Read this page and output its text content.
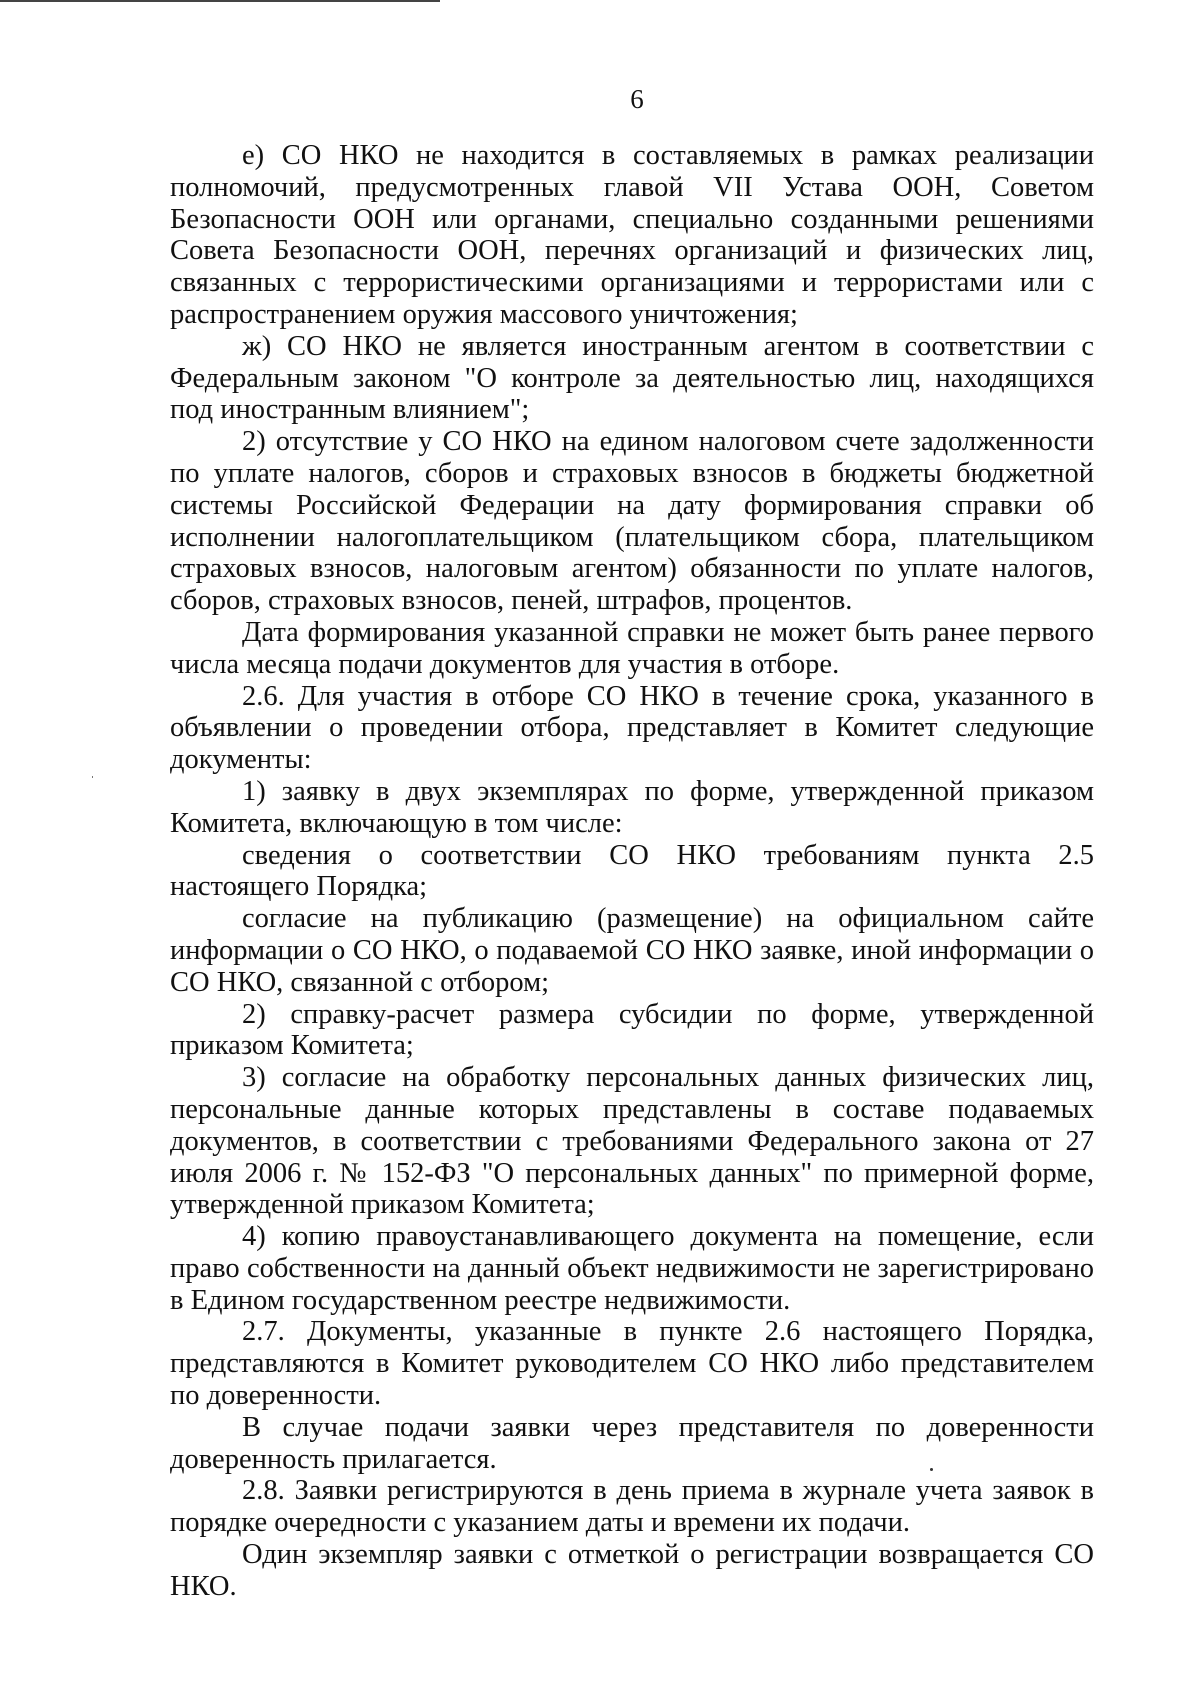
6

е) СО НКО не находится в составляемых в рамках реализации полномочий, предусмотренных главой VII Устава ООН, Советом Безопасности ООН или органами, специально созданными решениями Совета Безопасности ООН, перечнях организаций и физических лиц, связанных с террористическими организациями и террористами или с распространением оружия массового уничтожения;

ж) СО НКО не является иностранным агентом в соответствии с Федеральным законом "О контроле за деятельностью лиц, находящихся под иностранным влиянием";

2) отсутствие у СО НКО на едином налоговом счете задолженности по уплате налогов, сборов и страховых взносов в бюджеты бюджетной системы Российской Федерации на дату формирования справки об исполнении налогоплательщиком (плательщиком сбора, плательщиком страховых взносов, налоговым агентом) обязанности по уплате налогов, сборов, страховых взносов, пеней, штрафов, процентов.

Дата формирования указанной справки не может быть ранее первого числа месяца подачи документов для участия в отборе.

2.6. Для участия в отборе СО НКО в течение срока, указанного в объявлении о проведении отбора, представляет в Комитет следующие документы:

1) заявку в двух экземплярах по форме, утвержденной приказом Комитета, включающую в том числе:

сведения о соответствии СО НКО требованиям пункта 2.5 настоящего Порядка;

согласие на публикацию (размещение) на официальном сайте информации о СО НКО, о подаваемой СО НКО заявке, иной информации о СО НКО, связанной с отбором;

2) справку-расчет размера субсидии по форме, утвержденной приказом Комитета;

3) согласие на обработку персональных данных физических лиц, персональные данные которых представлены в составе подаваемых документов, в соответствии с требованиями Федерального закона от 27 июля 2006 г. № 152-ФЗ "О персональных данных" по примерной форме, утвержденной приказом Комитета;

4) копию правоустанавливающего документа на помещение, если право собственности на данный объект недвижимости не зарегистрировано в Едином государственном реестре недвижимости.

2.7. Документы, указанные в пункте 2.6 настоящего Порядка, представляются в Комитет руководителем СО НКО либо представителем по доверенности.

В случае подачи заявки через представителя по доверенности доверенность прилагается.

2.8. Заявки регистрируются в день приема в журнале учета заявок в порядке очередности с указанием даты и времени их подачи.

Один экземпляр заявки с отметкой о регистрации возвращается СО НКО.
